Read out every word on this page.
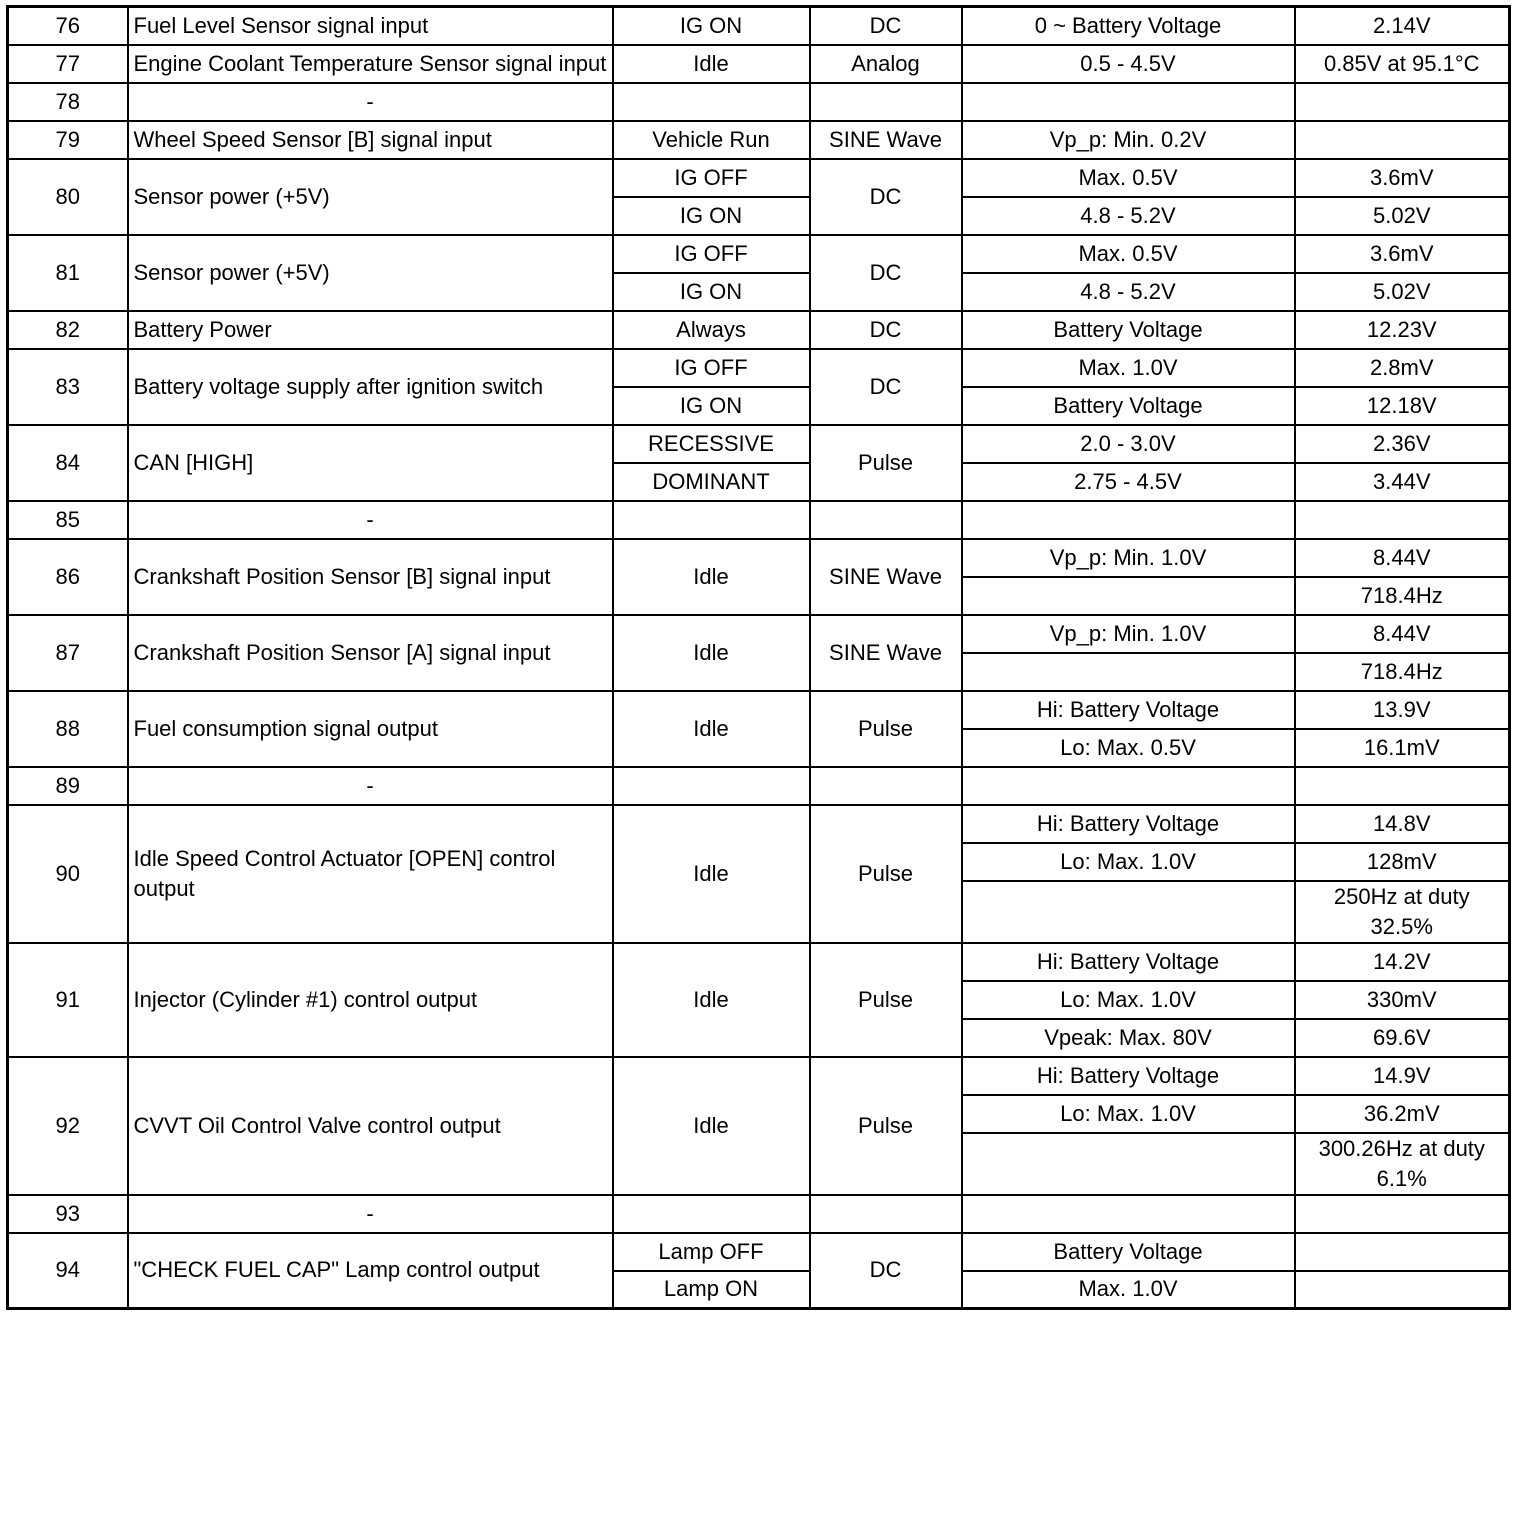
76	Fuel Level Sensor signal input	IG ON	DC	0 ~ Battery Voltage	2.14V
77	Engine Coolant Temperature Sensor signal input	Idle	Analog	0.5 - 4.5V	0.85V at 95.1°C
78	-				
79	Wheel Speed Sensor [B] signal input	Vehicle Run	SINE Wave	Vp_p: Min. 0.2V	
80	Sensor power (+5V)	IG OFF	DC	Max. 0.5V	3.6mV
		IG ON		4.8 - 5.2V	5.02V
81	Sensor power (+5V)	IG OFF	DC	Max. 0.5V	3.6mV
		IG ON		4.8 - 5.2V	5.02V
82	Battery Power	Always	DC	Battery Voltage	12.23V
83	Battery voltage supply after ignition switch	IG OFF	DC	Max. 1.0V	2.8mV
		IG ON		Battery Voltage	12.18V
84	CAN [HIGH]	RECESSIVE	Pulse	2.0 - 3.0V	2.36V
		DOMINANT		2.75 - 4.5V	3.44V
85	-				
86	Crankshaft Position Sensor [B] signal input	Idle	SINE Wave	Vp_p: Min. 1.0V	8.44V
					718.4Hz
87	Crankshaft Position Sensor [A] signal input	Idle	SINE Wave	Vp_p: Min. 1.0V	8.44V
					718.4Hz
88	Fuel consumption signal output	Idle	Pulse	Hi: Battery Voltage	13.9V
				Lo: Max. 0.5V	16.1mV
89	-				
90	Idle Speed Control Actuator [OPEN] control output	Idle	Pulse	Hi: Battery Voltage	14.8V
				Lo: Max. 1.0V	128mV
					250Hz at duty 32.5%
91	Injector (Cylinder #1) control output	Idle	Pulse	Hi: Battery Voltage	14.2V
				Lo: Max. 1.0V	330mV
				Vpeak: Max. 80V	69.6V
92	CVVT Oil Control Valve control output	Idle	Pulse	Hi: Battery Voltage	14.9V
				Lo: Max. 1.0V	36.2mV
					300.26Hz at duty 6.1%
93	-				
94	"CHECK FUEL CAP" Lamp control output	Lamp OFF	DC	Battery Voltage	
		Lamp ON		Max. 1.0V	
